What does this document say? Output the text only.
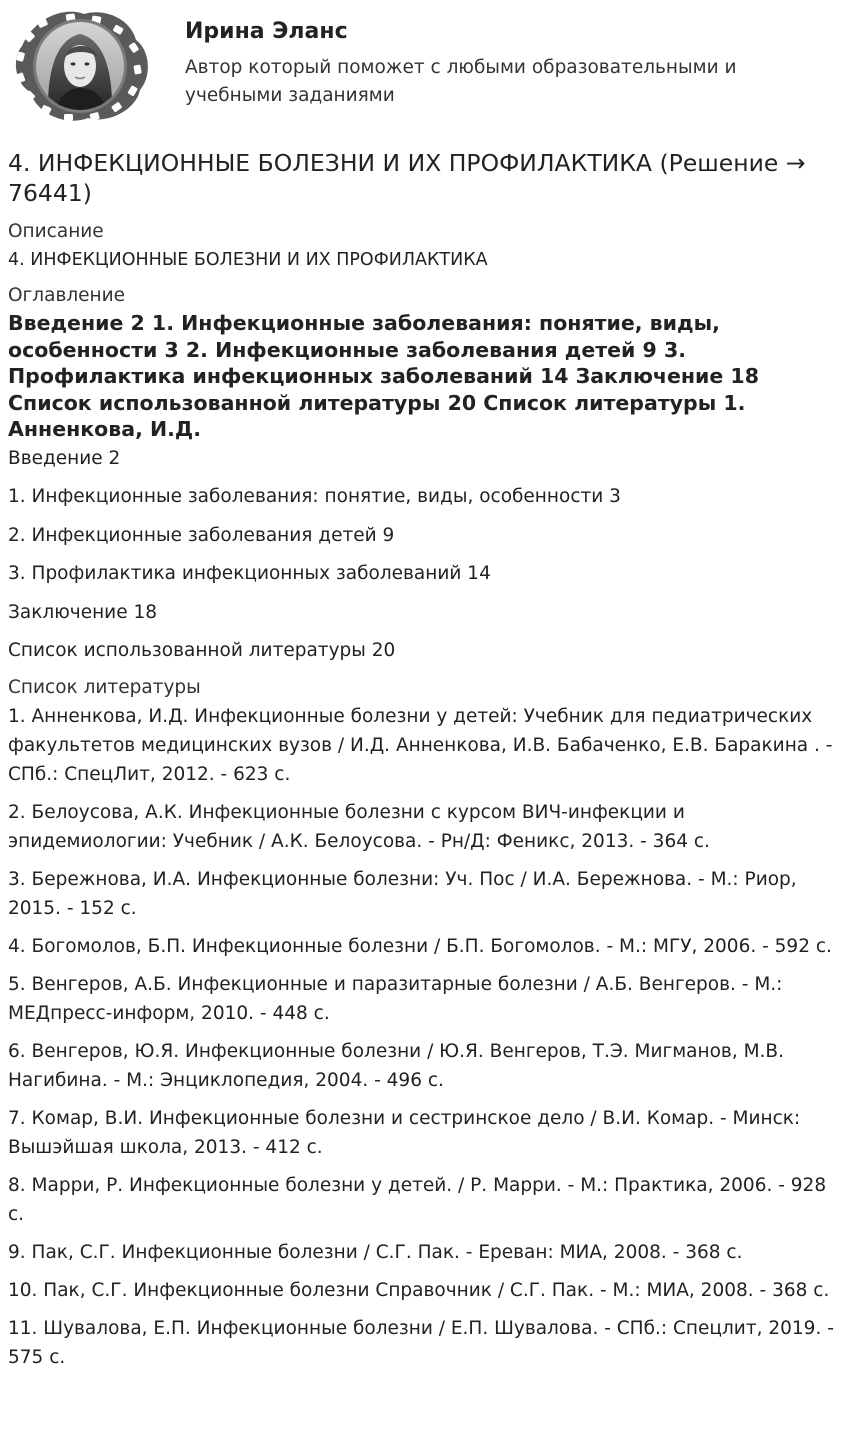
Ирина Эланс
Автор который поможет с любыми образовательными и учебными заданиями
4. ИНФЕКЦИОННЫЕ БОЛЕЗНИ И ИХ ПРОФИЛАКТИКА (Решение → 76441)
Описание
4. ИНФЕКЦИОННЫЕ БОЛЕЗНИ И ИХ ПРОФИЛАКТИКА
Оглавление
Введение 2 1. Инфекционные заболевания: понятие, виды, особенности 3 2. Инфекционные заболевания детей 9 3. Профилактика инфекционных заболеваний 14 Заключение 18 Список использованной литературы 20 Список литературы 1. Анненкова, И.Д.
Введение 2
1. Инфекционные заболевания: понятие, виды, особенности 3
2. Инфекционные заболевания детей 9
3. Профилактика инфекционных заболеваний 14
Заключение 18
Список использованной литературы 20
Список литературы
1. Анненкова, И.Д. Инфекционные болезни у детей: Учебник для педиатрических факультетов медицинских вузов / И.Д. Анненкова, И.В. Бабаченко, Е.В. Баракина . - СПб.: СпецЛит, 2012. - 623 с.
2. Белоусова, А.К. Инфекционные болезни с курсом ВИЧ-инфекции и эпидемиологии: Учебник / А.К. Белоусова. - Рн/Д: Феникс, 2013. - 364 с.
3. Бережнова, И.А. Инфекционные болезни: Уч. Пос / И.А. Бережнова. - М.: Риор, 2015. - 152 с.
4. Богомолов, Б.П. Инфекционные болезни / Б.П. Богомолов. - М.: МГУ, 2006. - 592 с.
5. Венгеров, А.Б. Инфекционные и паразитарные болезни / А.Б. Венгеров. - М.: МЕДпресс-информ, 2010. - 448 с.
6. Венгеров, Ю.Я. Инфекционные болезни / Ю.Я. Венгеров, Т.Э. Мигманов, М.В. Нагибина. - М.: Энциклопедия, 2004. - 496 с.
7. Комар, В.И. Инфекционные болезни и сестринское дело / В.И. Комар. - Минск: Вышэйшая школа, 2013. - 412 с.
8. Марри, Р. Инфекционные болезни у детей. / Р. Марри. - М.: Практика, 2006. - 928 с.
9. Пак, С.Г. Инфекционные болезни / С.Г. Пак. - Ереван: МИА, 2008. - 368 с.
10. Пак, С.Г. Инфекционные болезни Справочник / С.Г. Пак. - М.: МИА, 2008. - 368 с.
11. Шувалова, Е.П. Инфекционные болезни / Е.П. Шувалова. - СПб.: Спецлит, 2019. - 575 с.
